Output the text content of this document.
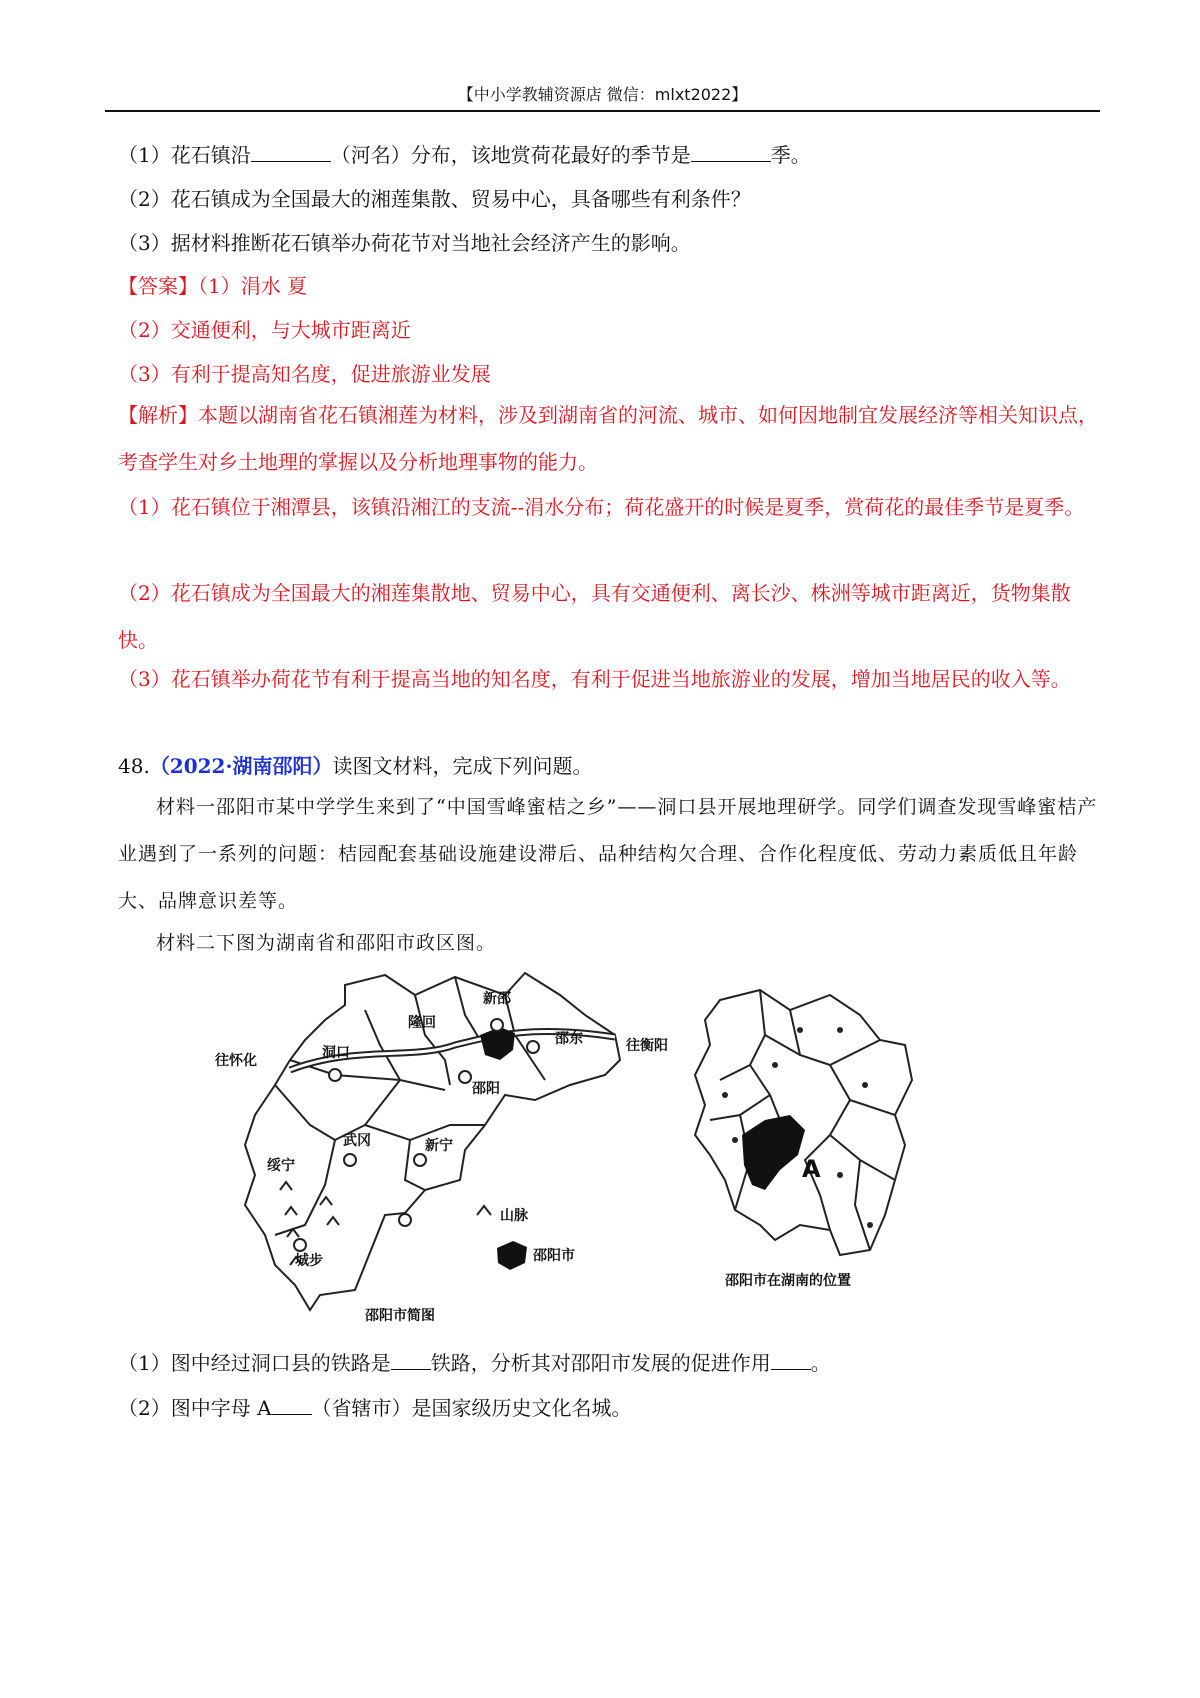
【中小学教辅资源店 微信：mlxt2022】
（1）花石镇沿	（河名）分布，该地赏荷花最好的季节是	季。
（2）花石镇成为全国最大的湘莲集散、贸易中心，具备哪些有利条件？
（3）据材料推断花石镇举办荷花节对当地社会经济产生的影响。
【答案】（1）涓水 夏
（2）交通便利，与大城市距离近
（3）有利于提高知名度，促进旅游业发展
【解析】本题以湖南省花石镇湘莲为材料，涉及到湖南省的河流、城市、如何因地制宜发展经济等相关知识点，考查学生对乡土地理的掌握以及分析地理事物的能力。
（1）花石镇位于湘潭县，该镇沿湘江的支流--涓水分布；荷花盛开的时候是夏季，赏荷花的最佳季节是夏季。
（2）花石镇成为全国最大的湘莲集散地、贸易中心，具有交通便利、离长沙、株洲等城市距离近，货物集散快。
（3）花石镇举办荷花节有利于提高当地的知名度，有利于促进当地旅游业的发展，增加当地居民的收入等。
48.（2022·湖南邵阳）读图文材料，完成下列问题。
材料一邵阳市某中学学生来到了“中国雪峰蜜桔之乡”——洞口县开展地理研学。同学们调查发现雪峰蜜桔产业遇到了一系列的问题：桔园配套基础设施建设滞后、品种结构欠合理、合作化程度低、劳动力素质低且年龄大、品牌意识差等。
材料二下图为湖南省和邵阳市政区图。
新邵
隆回
邵东
洞口
邵阳
武冈	新宁
绥宁
城步
往怀化
山脉
邵阳市
邵阳市简图
往衡阳
A
邵阳市在湖南的位置
（1）图中经过洞口县的铁路是 铁路，分析其对邵阳市发展的促进作用 。
（2）图中字母 A （省辖市）是国家级历史文化名城。
